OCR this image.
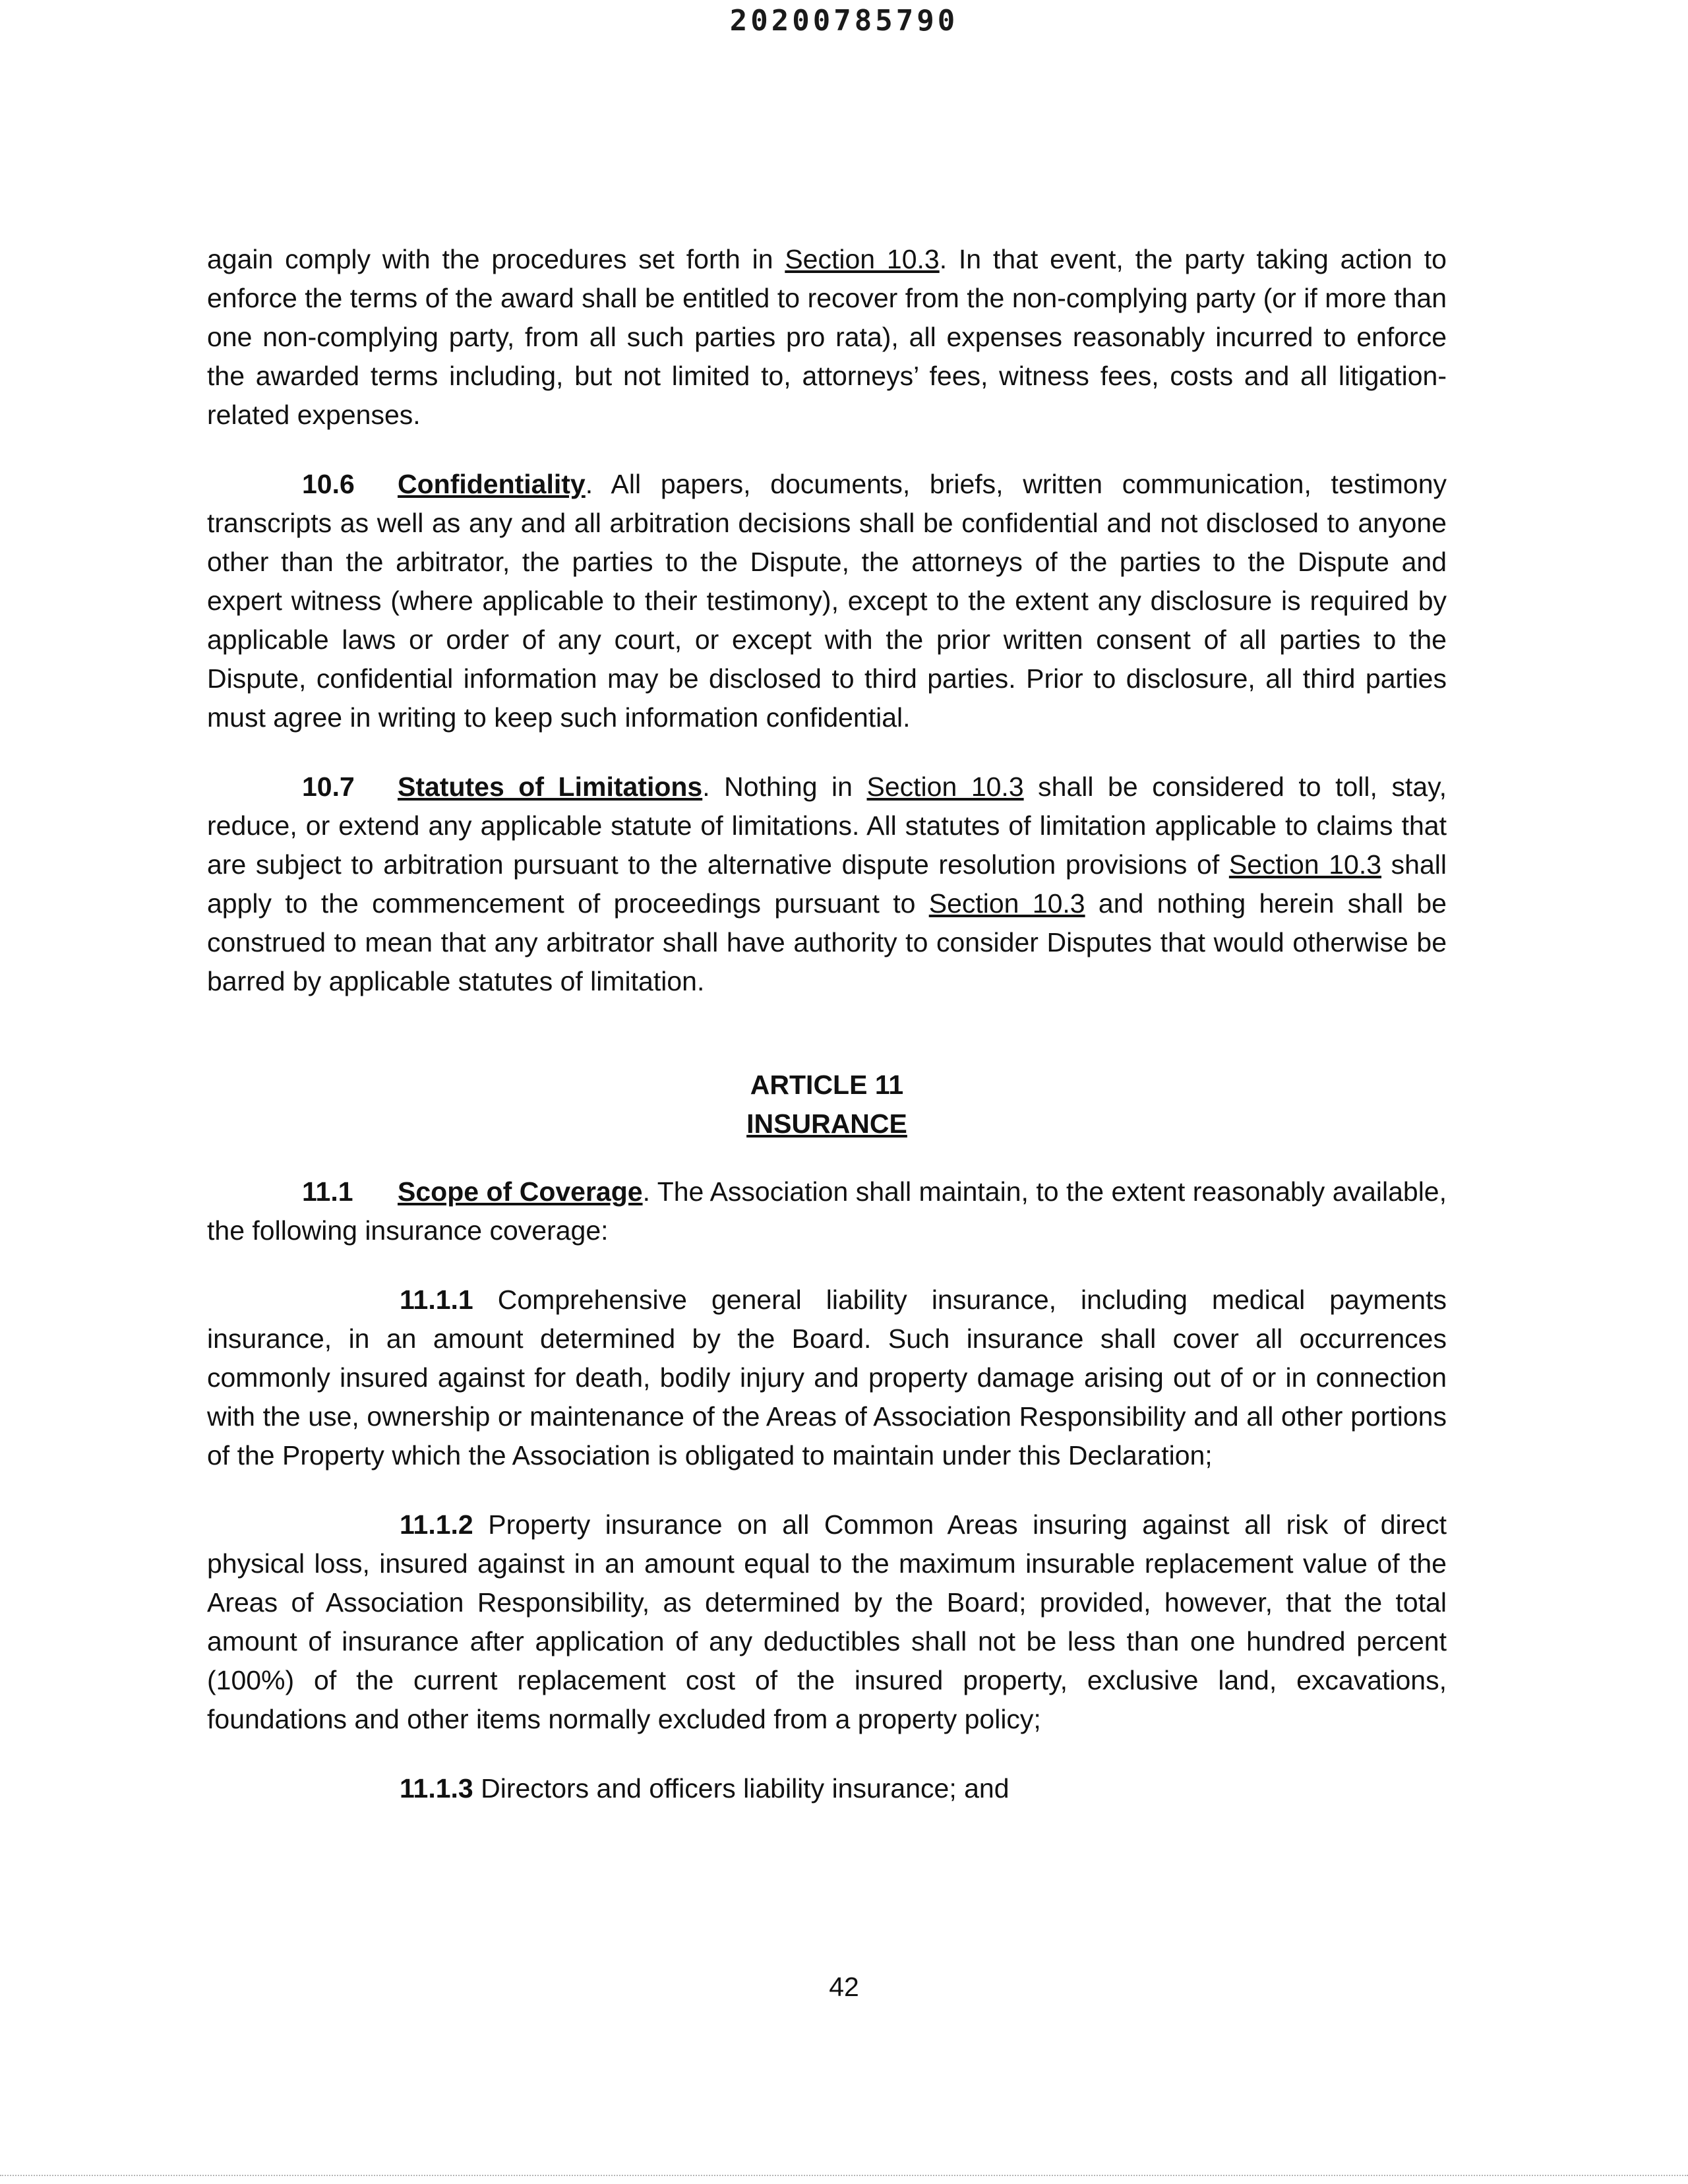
20200785790

again comply with the procedures set forth in Section 10.3. In that event, the party taking action to enforce the terms of the award shall be entitled to recover from the non-complying party (or if more than one non-complying party, from all such parties pro rata), all expenses reasonably incurred to enforce the awarded terms including, but not limited to, attorneys’ fees, witness fees, costs and all litigation-related expenses.

10.6 Confidentiality. All papers, documents, briefs, written communication, testimony transcripts as well as any and all arbitration decisions shall be confidential and not disclosed to anyone other than the arbitrator, the parties to the Dispute, the attorneys of the parties to the Dispute and expert witness (where applicable to their testimony), except to the extent any disclosure is required by applicable laws or order of any court, or except with the prior written consent of all parties to the Dispute, confidential information may be disclosed to third parties. Prior to disclosure, all third parties must agree in writing to keep such information confidential.

10.7 Statutes of Limitations. Nothing in Section 10.3 shall be considered to toll, stay, reduce, or extend any applicable statute of limitations. All statutes of limitation applicable to claims that are subject to arbitration pursuant to the alternative dispute resolution provisions of Section 10.3 shall apply to the commencement of proceedings pursuant to Section 10.3 and nothing herein shall be construed to mean that any arbitrator shall have authority to consider Disputes that would otherwise be barred by applicable statutes of limitation.

ARTICLE 11
INSURANCE

11.1 Scope of Coverage. The Association shall maintain, to the extent reasonably available, the following insurance coverage:

11.1.1 Comprehensive general liability insurance, including medical payments insurance, in an amount determined by the Board. Such insurance shall cover all occurrences commonly insured against for death, bodily injury and property damage arising out of or in connection with the use, ownership or maintenance of the Areas of Association Responsibility and all other portions of the Property which the Association is obligated to maintain under this Declaration;

11.1.2 Property insurance on all Common Areas insuring against all risk of direct physical loss, insured against in an amount equal to the maximum insurable replacement value of the Areas of Association Responsibility, as determined by the Board; provided, however, that the total amount of insurance after application of any deductibles shall not be less than one hundred percent (100%) of the current replacement cost of the insured property, exclusive land, excavations, foundations and other items normally excluded from a property policy;

11.1.3 Directors and officers liability insurance; and

42
